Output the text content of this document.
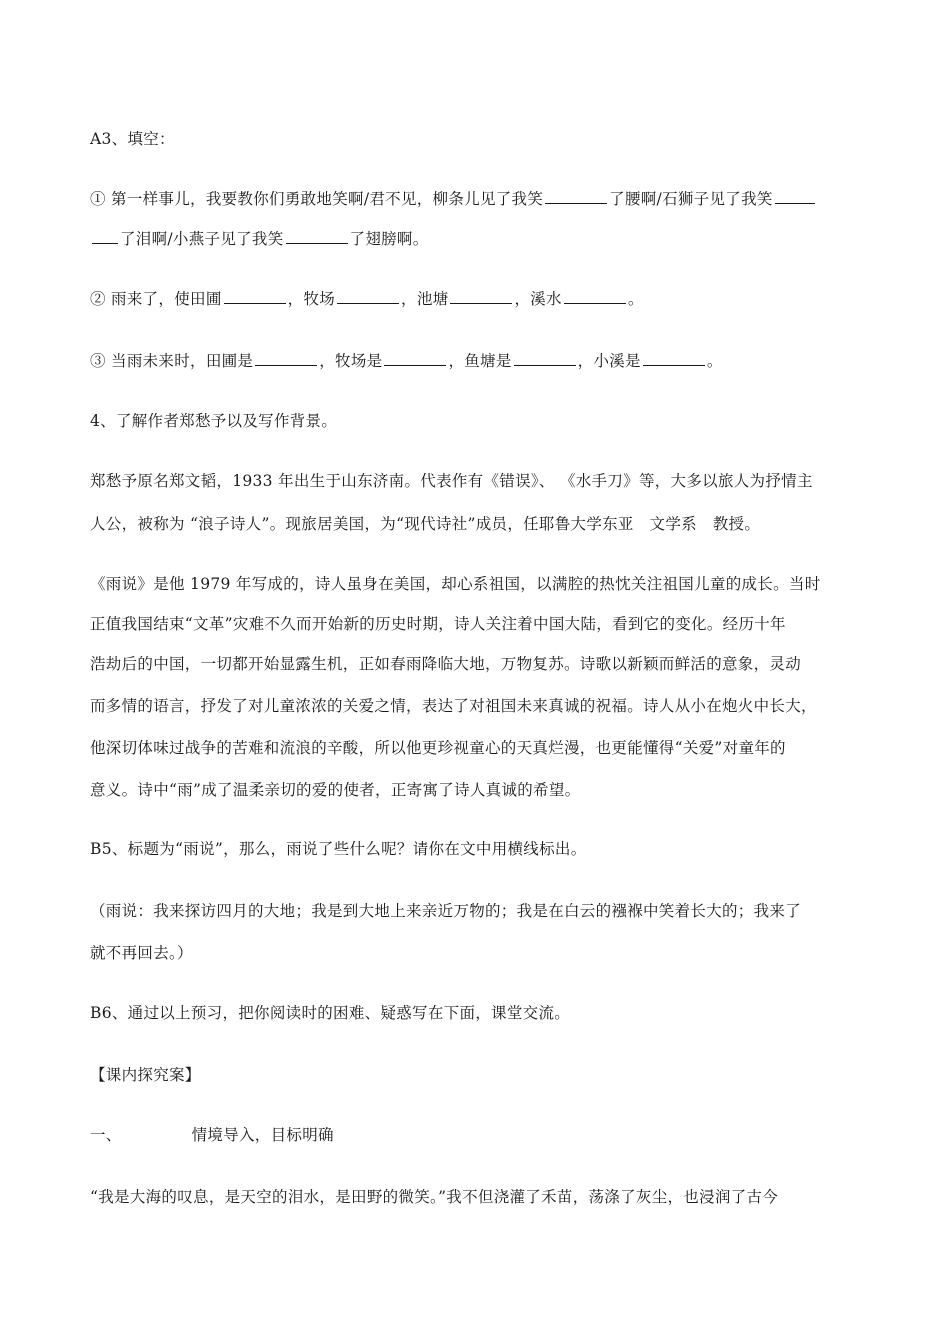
A3、填空：
① 第一样事儿，我要教你们勇敢地笑啊/君不见，柳条儿见了我笑	了腰啊/石狮子见了我笑
了泪啊/小燕子见了我笑	了翅膀啊。
② 雨来了，使田圃	，牧场	，池塘	，溪水	。
③ 当雨未来时，田圃是	，牧场是	，鱼塘是	，小溪是	。
4、了解作者郑愁予以及写作背景。
郑愁予原名郑文韬，1933 年出生于山东济南。代表作有《错误》、 《水手刀》等，大多以旅人为抒情主
人公，被称为 “浪子诗人”。现旅居美国，为“现代诗社”成员，任耶鲁大学东亚　文学系　教授。
《雨说》是他 1979 年写成的，诗人虽身在美国，却心系祖国，以满腔的热忱关注祖国儿童的成长。当时
正值我国结束“文革”灾难不久而开始新的历史时期，诗人关注着中国大陆，看到它的变化。经历十年
浩劫后的中国，一切都开始显露生机，正如春雨降临大地，万物复苏。诗歌以新颖而鲜活的意象，灵动
而多情的语言，抒发了对儿童浓浓的关爱之情，表达了对祖国未来真诚的祝福。诗人从小在炮火中长大，
他深切体味过战争的苦难和流浪的辛酸，所以他更珍视童心的天真烂漫，也更能懂得“关爱”对童年的
意义。诗中“雨”成了温柔亲切的爱的使者，正寄寓了诗人真诚的希望。
B5、标题为“雨说”，那么，雨说了些什么呢？请你在文中用横线标出。
（雨说：我来探访四月的大地；我是到大地上来亲近万物的；我是在白云的襁褓中笑着长大的；我来了
就不再回去。）
B6、通过以上预习，把你阅读时的困难、疑惑写在下面，课堂交流。
【课内探究案】
一、	情境导入，目标明确
“我是大海的叹息，是天空的泪水，是田野的微笑。”我不但浇灌了禾苗，荡涤了灰尘，也浸润了古今
